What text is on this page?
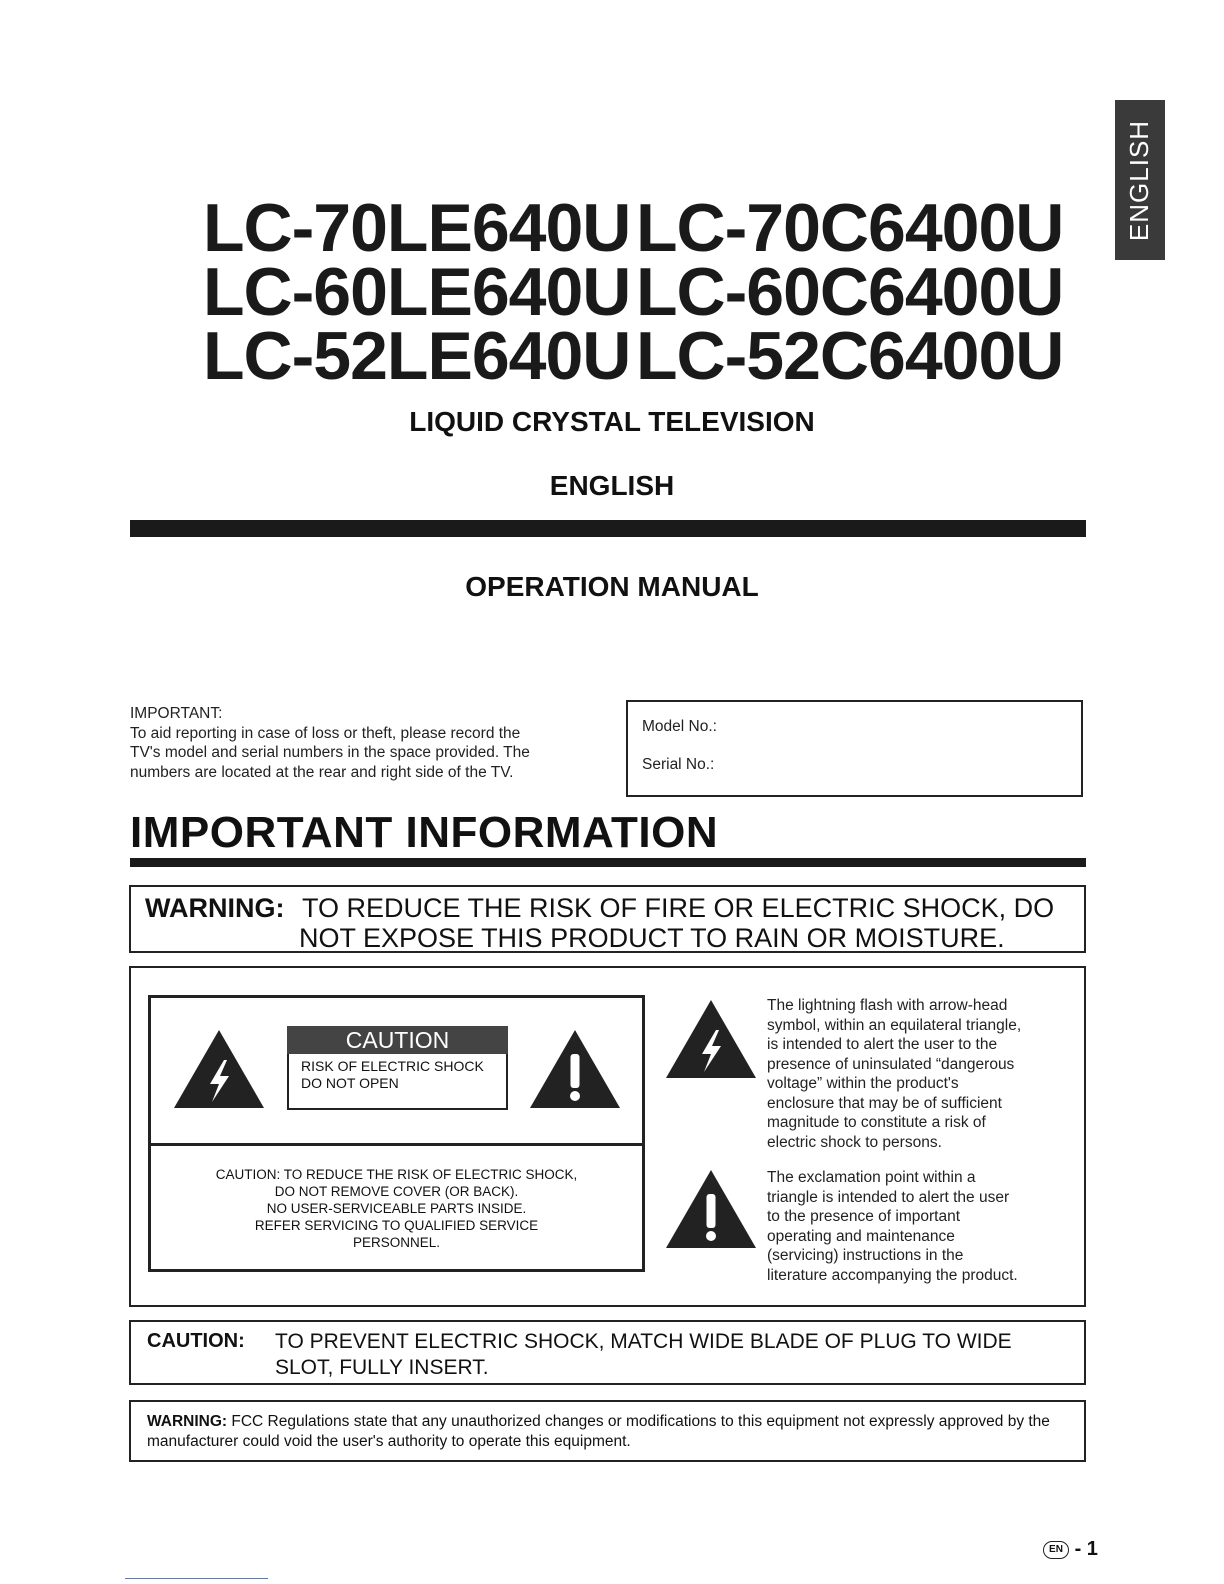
ENGLISH
LC-70LE640U
LC-60LE640U
LC-52LE640U
LC-70C6400U
LC-60C6400U
LC-52C6400U
LIQUID CRYSTAL TELEVISION
ENGLISH
OPERATION MANUAL
IMPORTANT:
To aid reporting in case of loss or theft, please record the
TV's model and serial numbers in the space provided. The
numbers are located at the rear and right side of the TV.
Model No.:
Serial No.:
IMPORTANT INFORMATION
WARNING: TO REDUCE THE RISK OF FIRE OR ELECTRIC SHOCK, DO
NOT EXPOSE THIS PRODUCT TO RAIN OR MOISTURE.
CAUTION
RISK OF ELECTRIC SHOCK
DO NOT OPEN
CAUTION: TO REDUCE THE RISK OF ELECTRIC SHOCK,
DO NOT REMOVE COVER (OR BACK).
NO USER-SERVICEABLE PARTS INSIDE.
REFER SERVICING TO QUALIFIED SERVICE
PERSONNEL.
The lightning flash with arrow-head
symbol, within an equilateral triangle,
is intended to alert the user to the
presence of uninsulated “dangerous
voltage” within the product's
enclosure that may be of sufficient
magnitude to constitute a risk of
electric shock to persons.
The exclamation point within a
triangle is intended to alert the user
to the presence of important
operating and maintenance
(servicing) instructions in the
literature accompanying the product.
CAUTION: TO PREVENT ELECTRIC SHOCK, MATCH WIDE BLADE OF PLUG TO WIDE
SLOT, FULLY INSERT.
WARNING: FCC Regulations state that any unauthorized changes or modifications to this equipment not expressly approved by the manufacturer could void the user's authority to operate this equipment.
EN - 1
